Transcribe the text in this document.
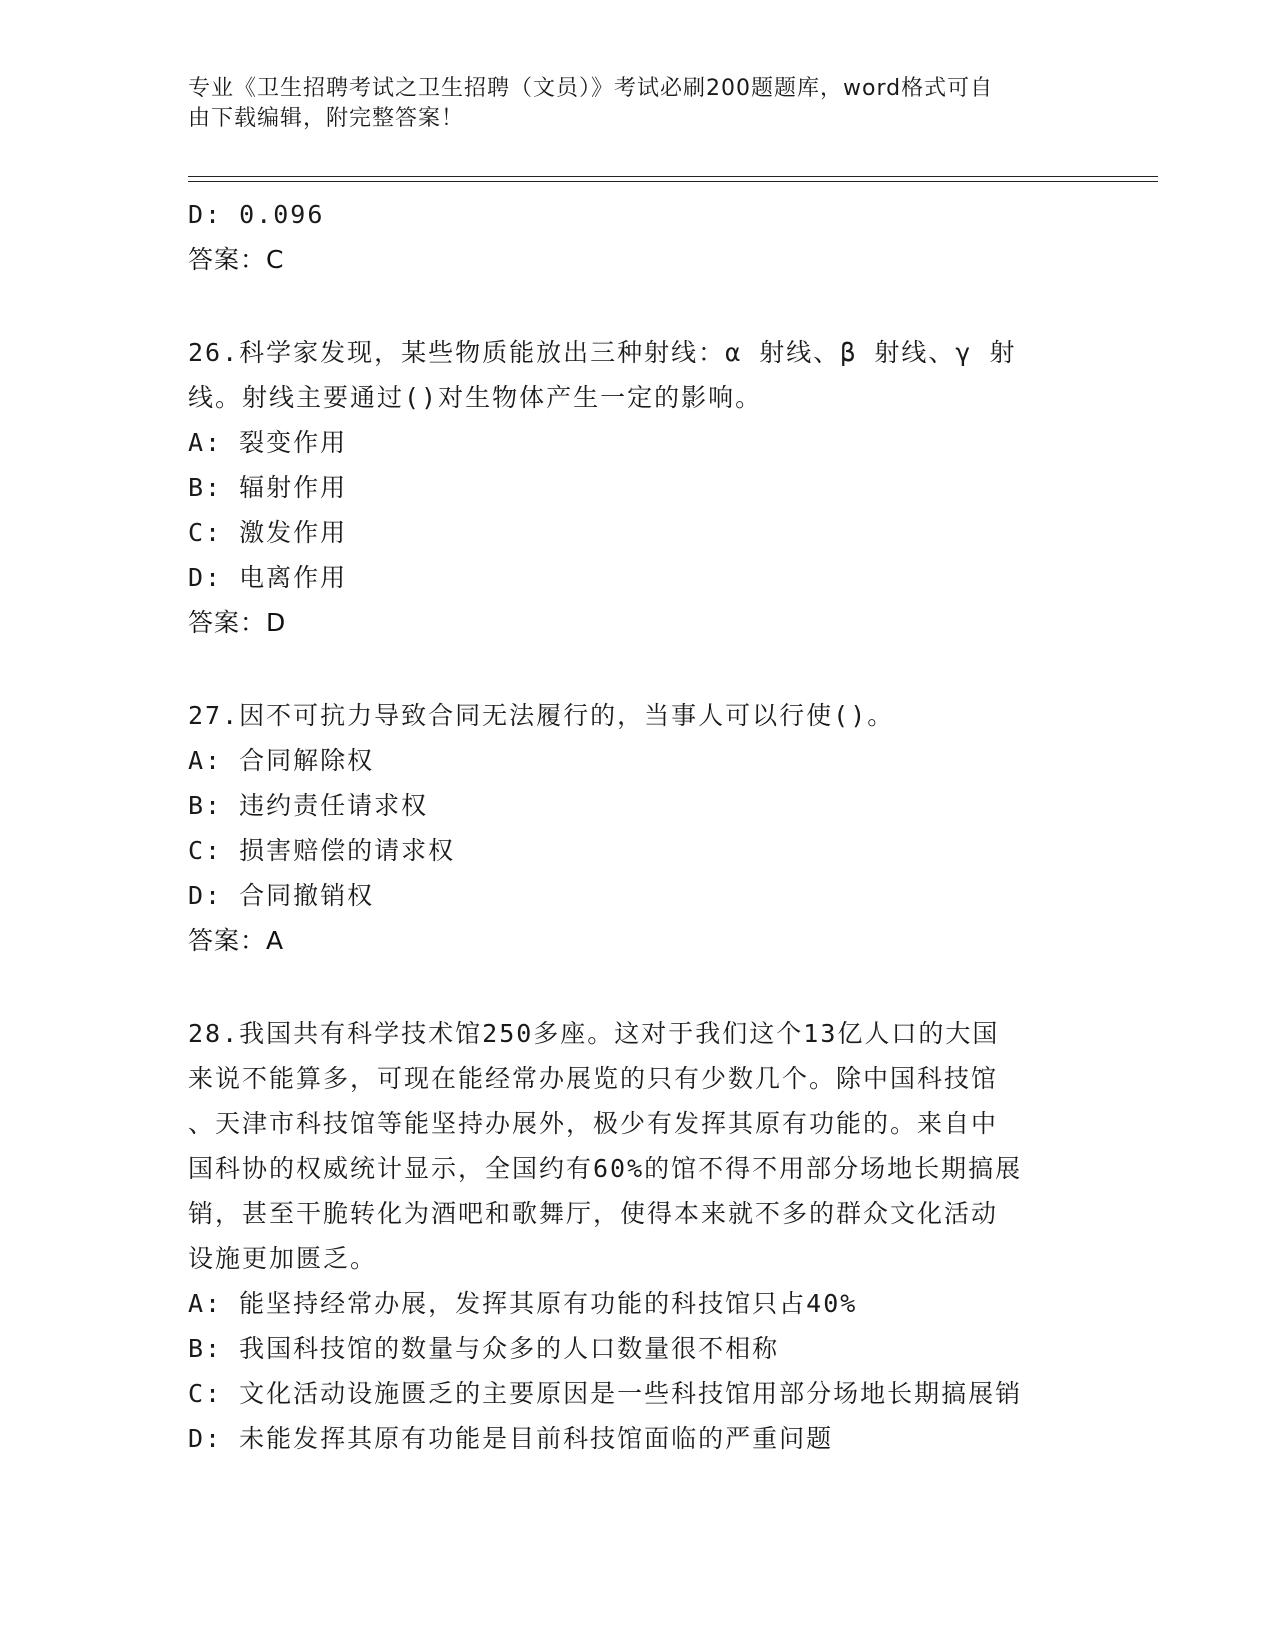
专业《卫生招聘考试之卫生招聘（文员）》考试必刷200题题库，word格式可自
由下载编辑，附完整答案！
D: 0.096
答案：C
26.科学家发现，某些物质能放出三种射线：α 射线、β 射线、γ 射
线。射线主要通过()对生物体产生一定的影响。
A: 裂变作用
B: 辐射作用
C: 激发作用
D: 电离作用
答案：D
27.因不可抗力导致合同无法履行的，当事人可以行使()。
A: 合同解除权
B: 违约责任请求权
C: 损害赔偿的请求权
D: 合同撤销权
答案：A
28.我国共有科学技术馆250多座。这对于我们这个13亿人口的大国
来说不能算多，可现在能经常办展览的只有少数几个。除中国科技馆
、天津市科技馆等能坚持办展外，极少有发挥其原有功能的。来自中
国科协的权威统计显示，全国约有60%的馆不得不用部分场地长期搞展
销，甚至干脆转化为酒吧和歌舞厅，使得本来就不多的群众文化活动
设施更加匮乏。
A: 能坚持经常办展，发挥其原有功能的科技馆只占40%
B: 我国科技馆的数量与众多的人口数量很不相称
C: 文化活动设施匮乏的主要原因是一些科技馆用部分场地长期搞展销
D: 未能发挥其原有功能是目前科技馆面临的严重问题
